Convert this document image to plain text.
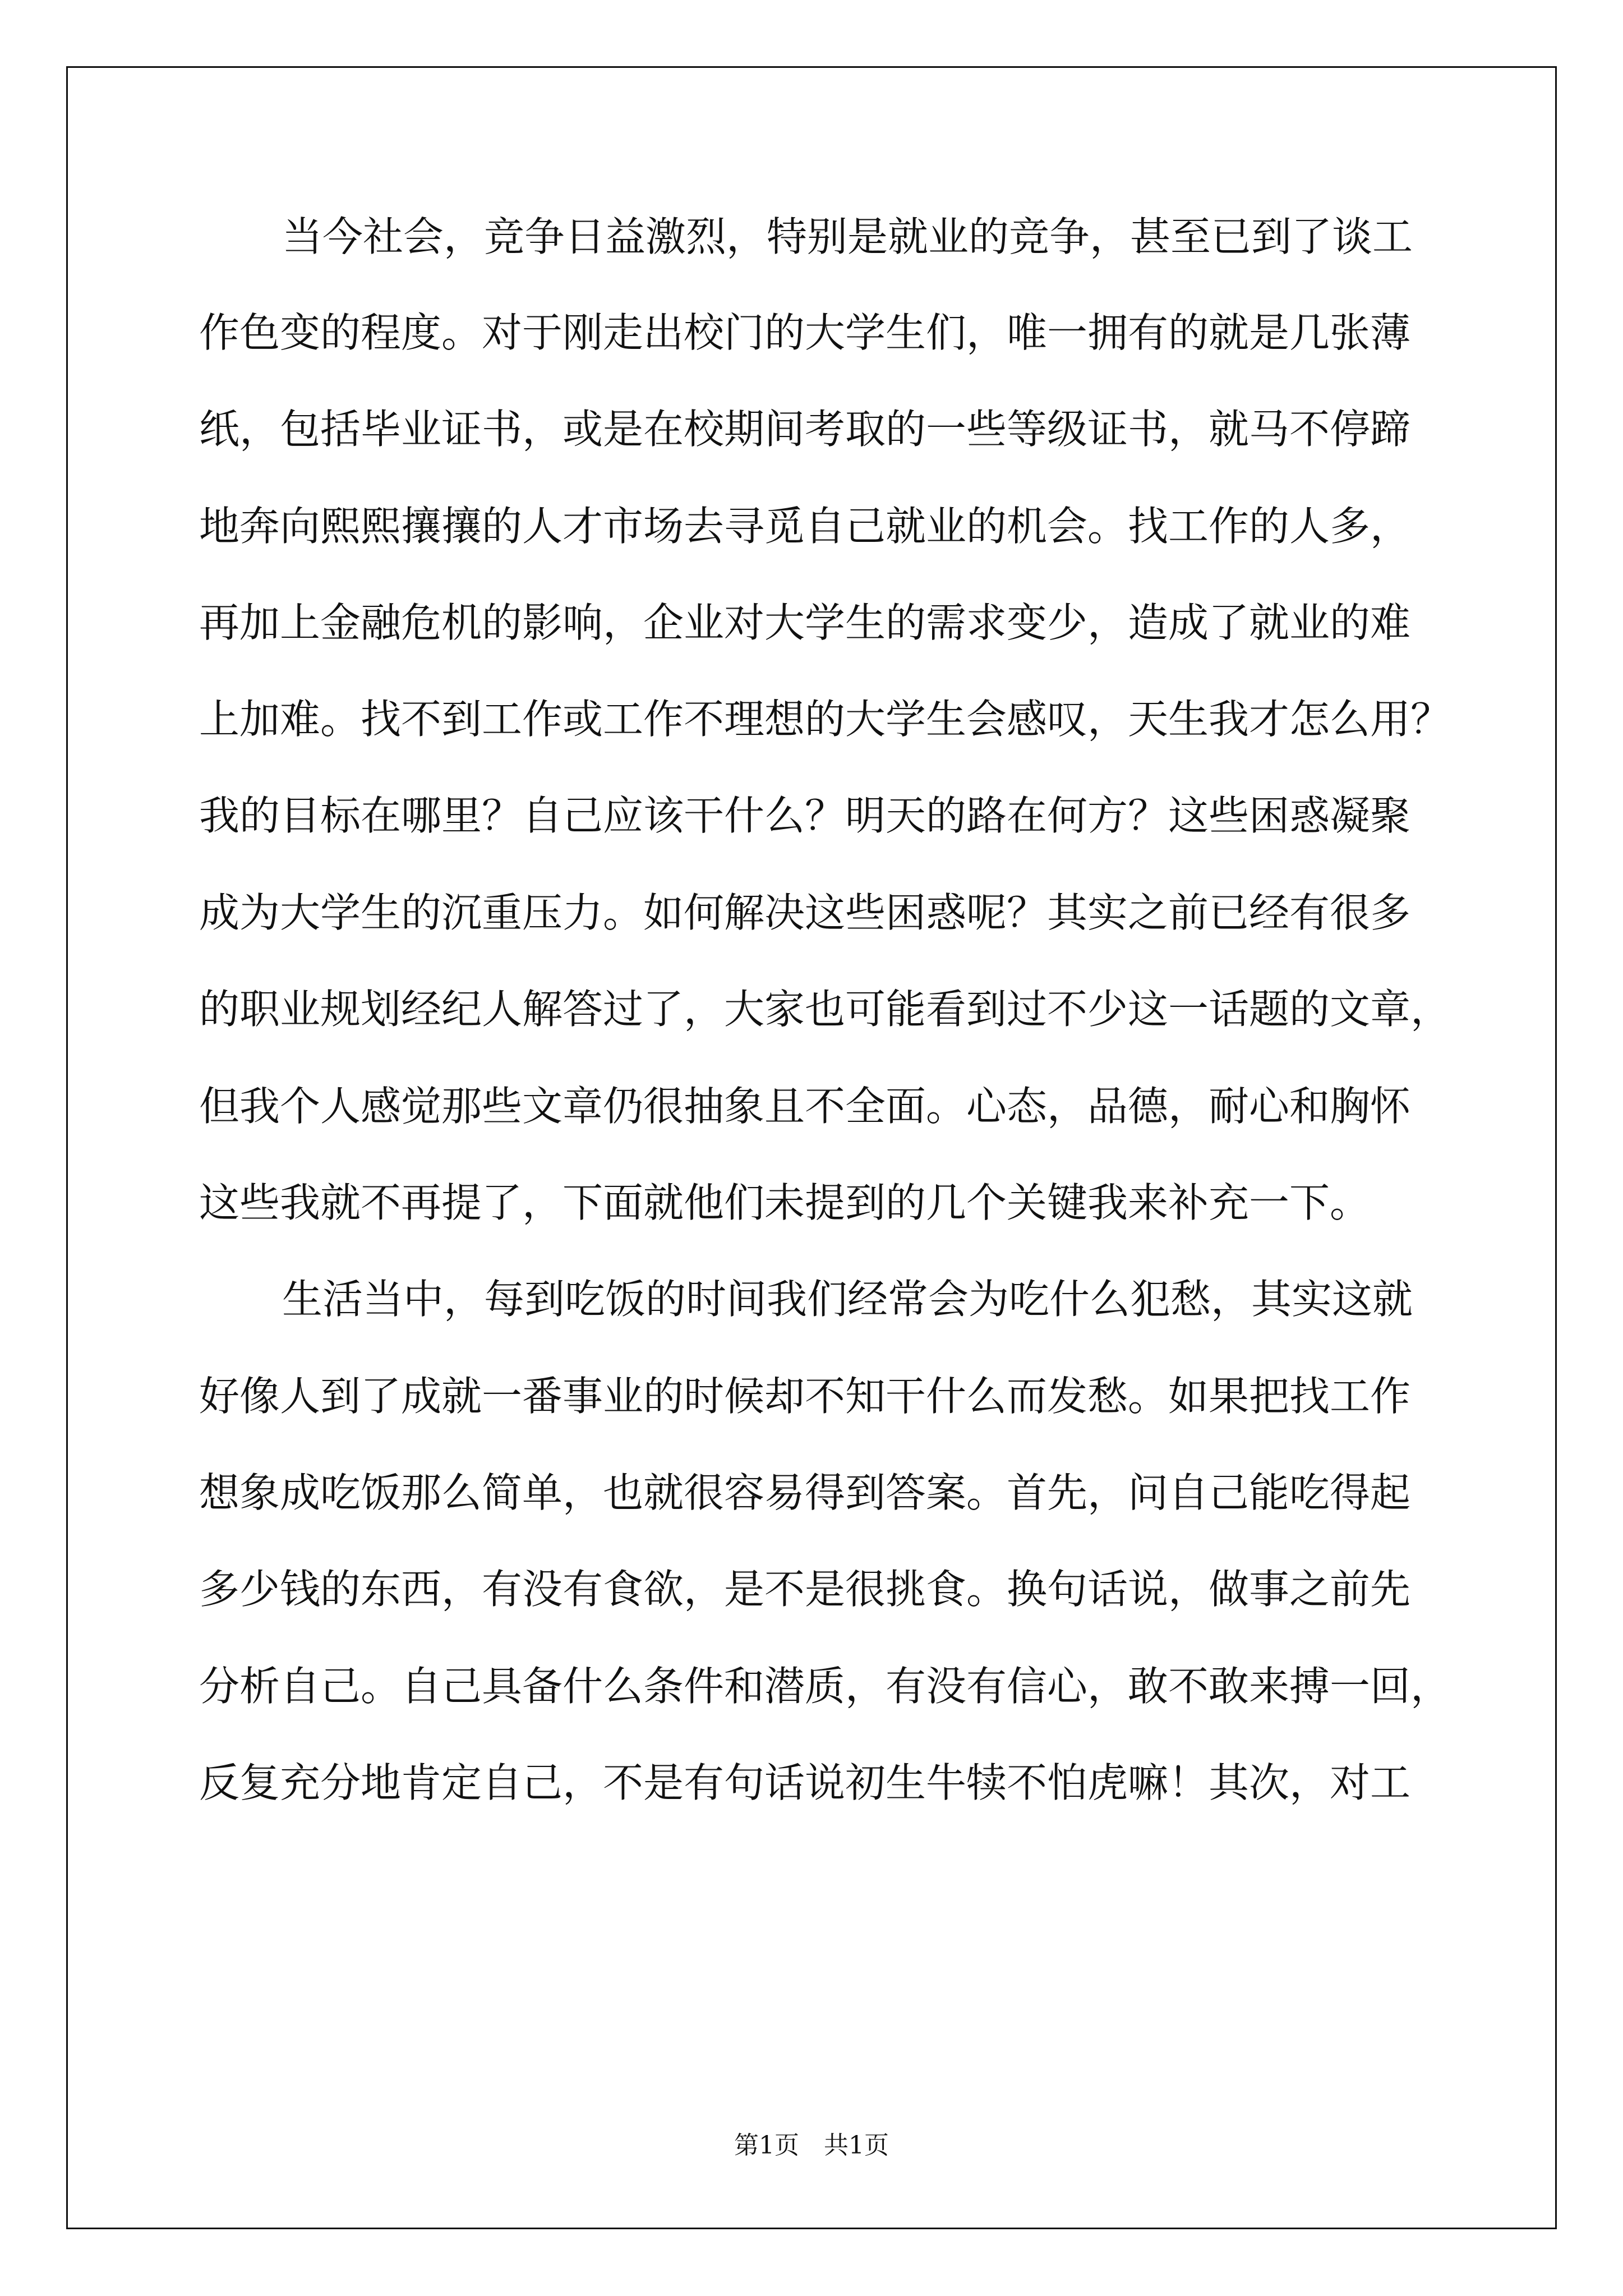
当今社会，竞争日益激烈，特别是就业的竞争，甚至已到了谈工
作色变的程度。对于刚走出校门的大学生们，唯一拥有的就是几张薄
纸，包括毕业证书，或是在校期间考取的一些等级证书，就马不停蹄
地奔向熙熙攘攘的人才市场去寻觅自己就业的机会。找工作的人多，
再加上金融危机的影响，企业对大学生的需求变少，造成了就业的难
上加难。找不到工作或工作不理想的大学生会感叹，天生我才怎么用？
我的目标在哪里？自己应该干什么？明天的路在何方？这些困惑凝聚
成为大学生的沉重压力。如何解决这些困惑呢？其实之前已经有很多
的职业规划经纪人解答过了，大家也可能看到过不少这一话题的文章，
但我个人感觉那些文章仍很抽象且不全面。心态，品德，耐心和胸怀
这些我就不再提了，下面就他们未提到的几个关键我来补充一下。
生活当中，每到吃饭的时间我们经常会为吃什么犯愁，其实这就
好像人到了成就一番事业的时候却不知干什么而发愁。如果把找工作
想象成吃饭那么简单，也就很容易得到答案。首先，问自己能吃得起
多少钱的东西，有没有食欲，是不是很挑食。换句话说，做事之前先
分析自己。自己具备什么条件和潜质，有没有信心，敢不敢来搏一回，
反复充分地肯定自己，不是有句话说初生牛犊不怕虎嘛！其次，对工
第1页　共1页
